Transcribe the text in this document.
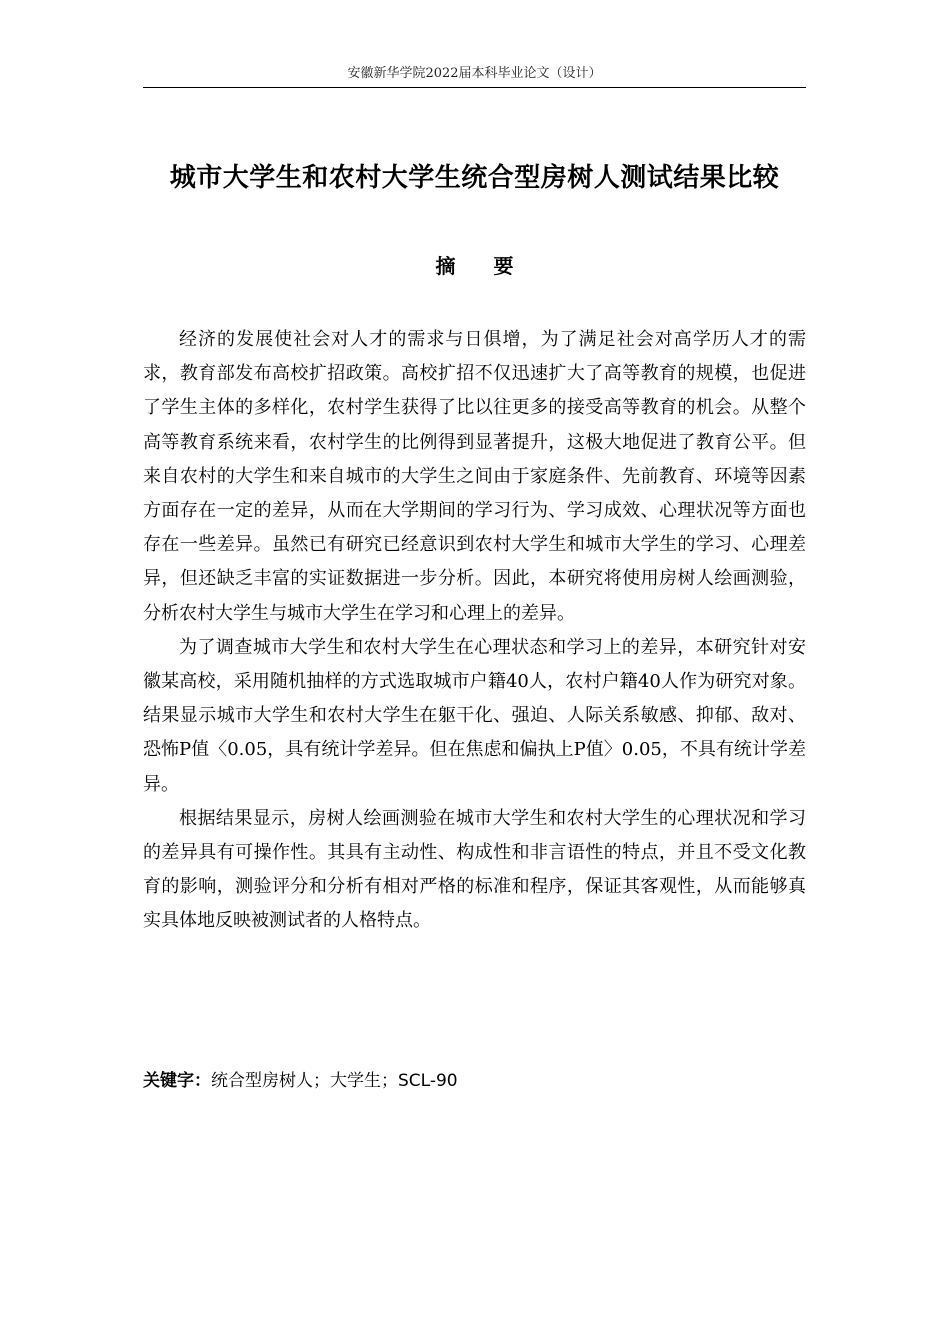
安徽新华学院2022届本科毕业论文（设计）
城市大学生和农村大学生统合型房树人测试结果比较
摘 要

经济的发展使社会对人才的需求与日俱增，为了满足社会对高学历人才的需求，教育部发布高校扩招政策。高校扩招不仅迅速扩大了高等教育的规模，也促进了学生主体的多样化，农村学生获得了比以往更多的接受高等教育的机会。从整个高等教育系统来看，农村学生的比例得到显著提升，这极大地促进了教育公平。但来自农村的大学生和来自城市的大学生之间由于家庭条件、先前教育、环境等因素方面存在一定的差异，从而在大学期间的学习行为、学习成效、心理状况等方面也存在一些差异。虽然已有研究已经意识到农村大学生和城市大学生的学习、心理差异，但还缺乏丰富的实证数据进一步分析。因此，本研究将使用房树人绘画测验，分析农村大学生与城市大学生在学习和心理上的差异。

为了调查城市大学生和农村大学生在心理状态和学习上的差异，本研究针对安徽某高校，采用随机抽样的方式选取城市户籍40人，农村户籍40人作为研究对象。结果显示城市大学生和农村大学生在躯干化、强迫、人际关系敏感、抑郁、敌对、恐怖P值〈0.05，具有统计学差异。但在焦虑和偏执上P值〉0.05，不具有统计学差异。

根据结果显示，房树人绘画测验在城市大学生和农村大学生的心理状况和学习的差异具有可操作性。其具有主动性、构成性和非言语性的特点，并且不受文化教育的影响，测验评分和分析有相对严格的标准和程序，保证其客观性，从而能够真实具体地反映被测试者的人格特点。

关键字：统合型房树人；大学生；SCL-90
